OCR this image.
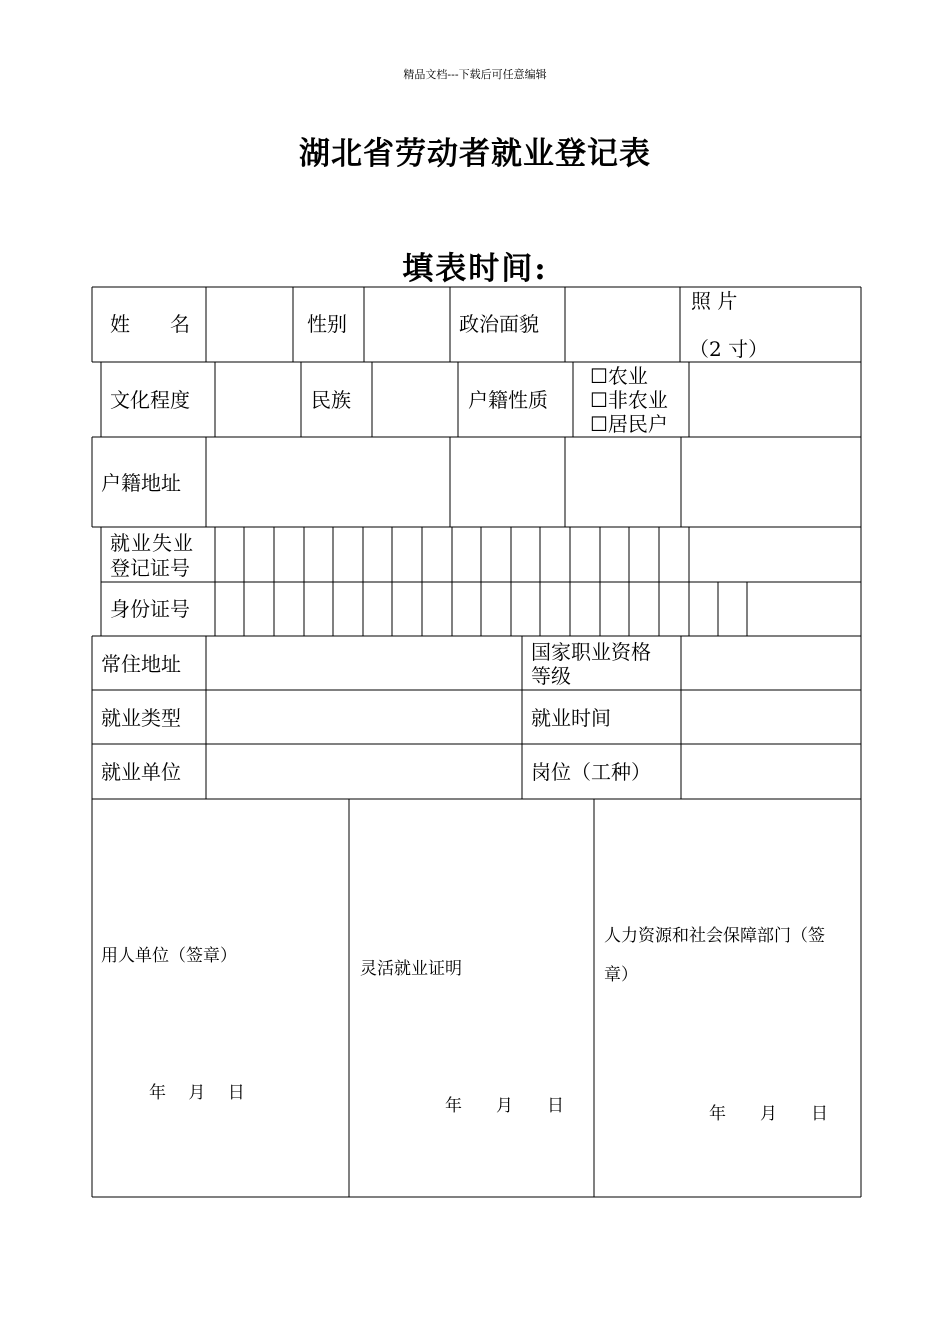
精品文档---下载后可任意编辑
湖北省劳动者就业登记表
填表时间:
姓　　名	性别	政治面貌
照 片
（2 寸）
文化程度	民族	户籍性质
☐农业
☐非农业
☐居民户
户籍地址
就业失业
登记证号
身份证号
常住地址	国家职业资格
等级
就业类型	就业时间
就业单位	岗位（工种）
用人单位（签章）
年　 月　 日
灵活就业证明
年　　月　　日
人力资源和社会保障部门（签
章）
年　　月　　日
